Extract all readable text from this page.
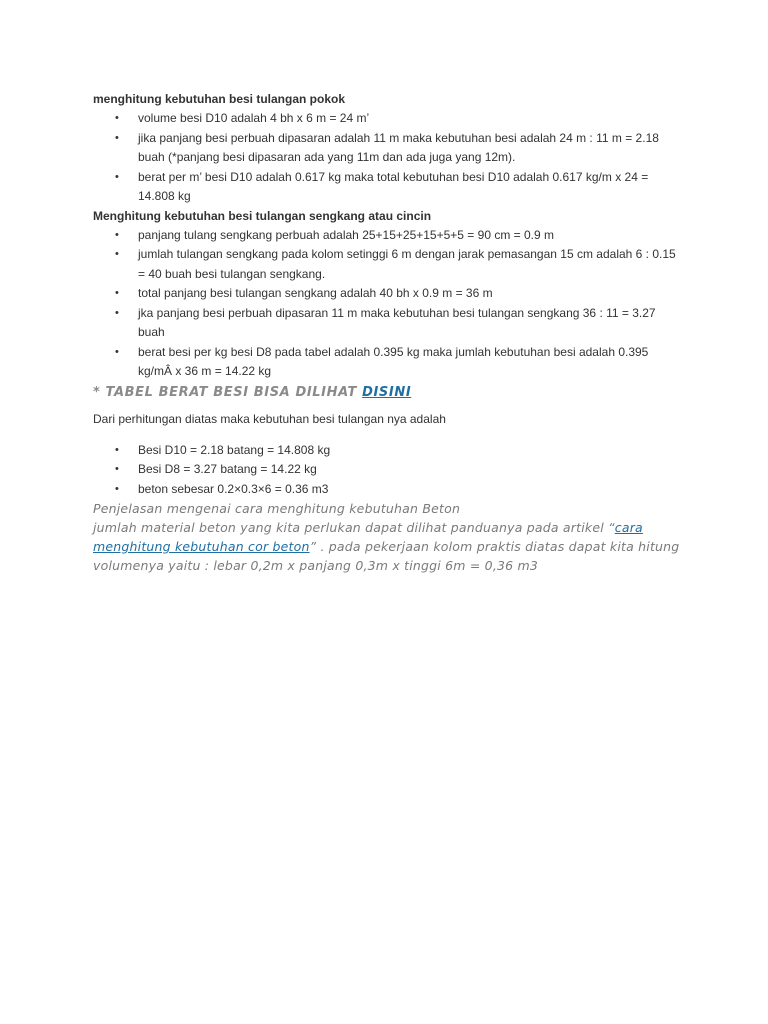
menghitung kebutuhan besi tulangan pokok

• volume besi D10 adalah 4 bh x 6 m = 24 m’
• jika panjang besi perbuah dipasaran adalah 11 m maka kebutuhan besi adalah 24 m : 11 m = 2.18 buah (*panjang besi dipasaran ada yang 11m dan ada juga yang 12m).
• berat per m’ besi D10 adalah 0.617 kg maka total kebutuhan besi D10 adalah 0.617 kg/m x 24 = 14.808 kg

Menghitung kebutuhan besi tulangan sengkang atau cincin

• panjang tulang sengkang perbuah adalah 25+15+25+15+5+5 = 90 cm = 0.9 m
• jumlah tulangan sengkang pada kolom setinggi 6 m dengan jarak pemasangan 15 cm adalah 6 : 0.15 = 40 buah besi tulangan sengkang.
• total panjang besi tulangan sengkang adalah 40 bh x 0.9 m = 36 m
• jka panjang besi perbuah dipasaran 11 m maka kebutuhan besi tulangan sengkang 36 : 11 = 3.27 buah
• berat besi per kg besi D8 pada tabel adalah 0.395 kg maka jumlah kebutuhan besi adalah 0.395 kg/mÂ x 36 m = 14.22 kg
* TABEL BERAT BESI BISA DILIHAT DISINI

Dari perhitungan diatas maka kebutuhan besi tulangan nya adalah

• Besi D10 = 2.18 batang = 14.808 kg
• Besi D8 = 3.27 batang = 14.22 kg
• beton sebesar 0.2×0.3×6 = 0.36 m3
Penjelasan mengenai cara menghitung kebutuhan Beton
jumlah material beton yang kita perlukan dapat dilihat panduanya pada artikel “cara
menghitung kebutuhan cor beton” . pada pekerjaan kolom praktis diatas dapat kita hitung
volumenya yaitu : lebar 0,2m x panjang 0,3m x tinggi 6m = 0,36 m3
